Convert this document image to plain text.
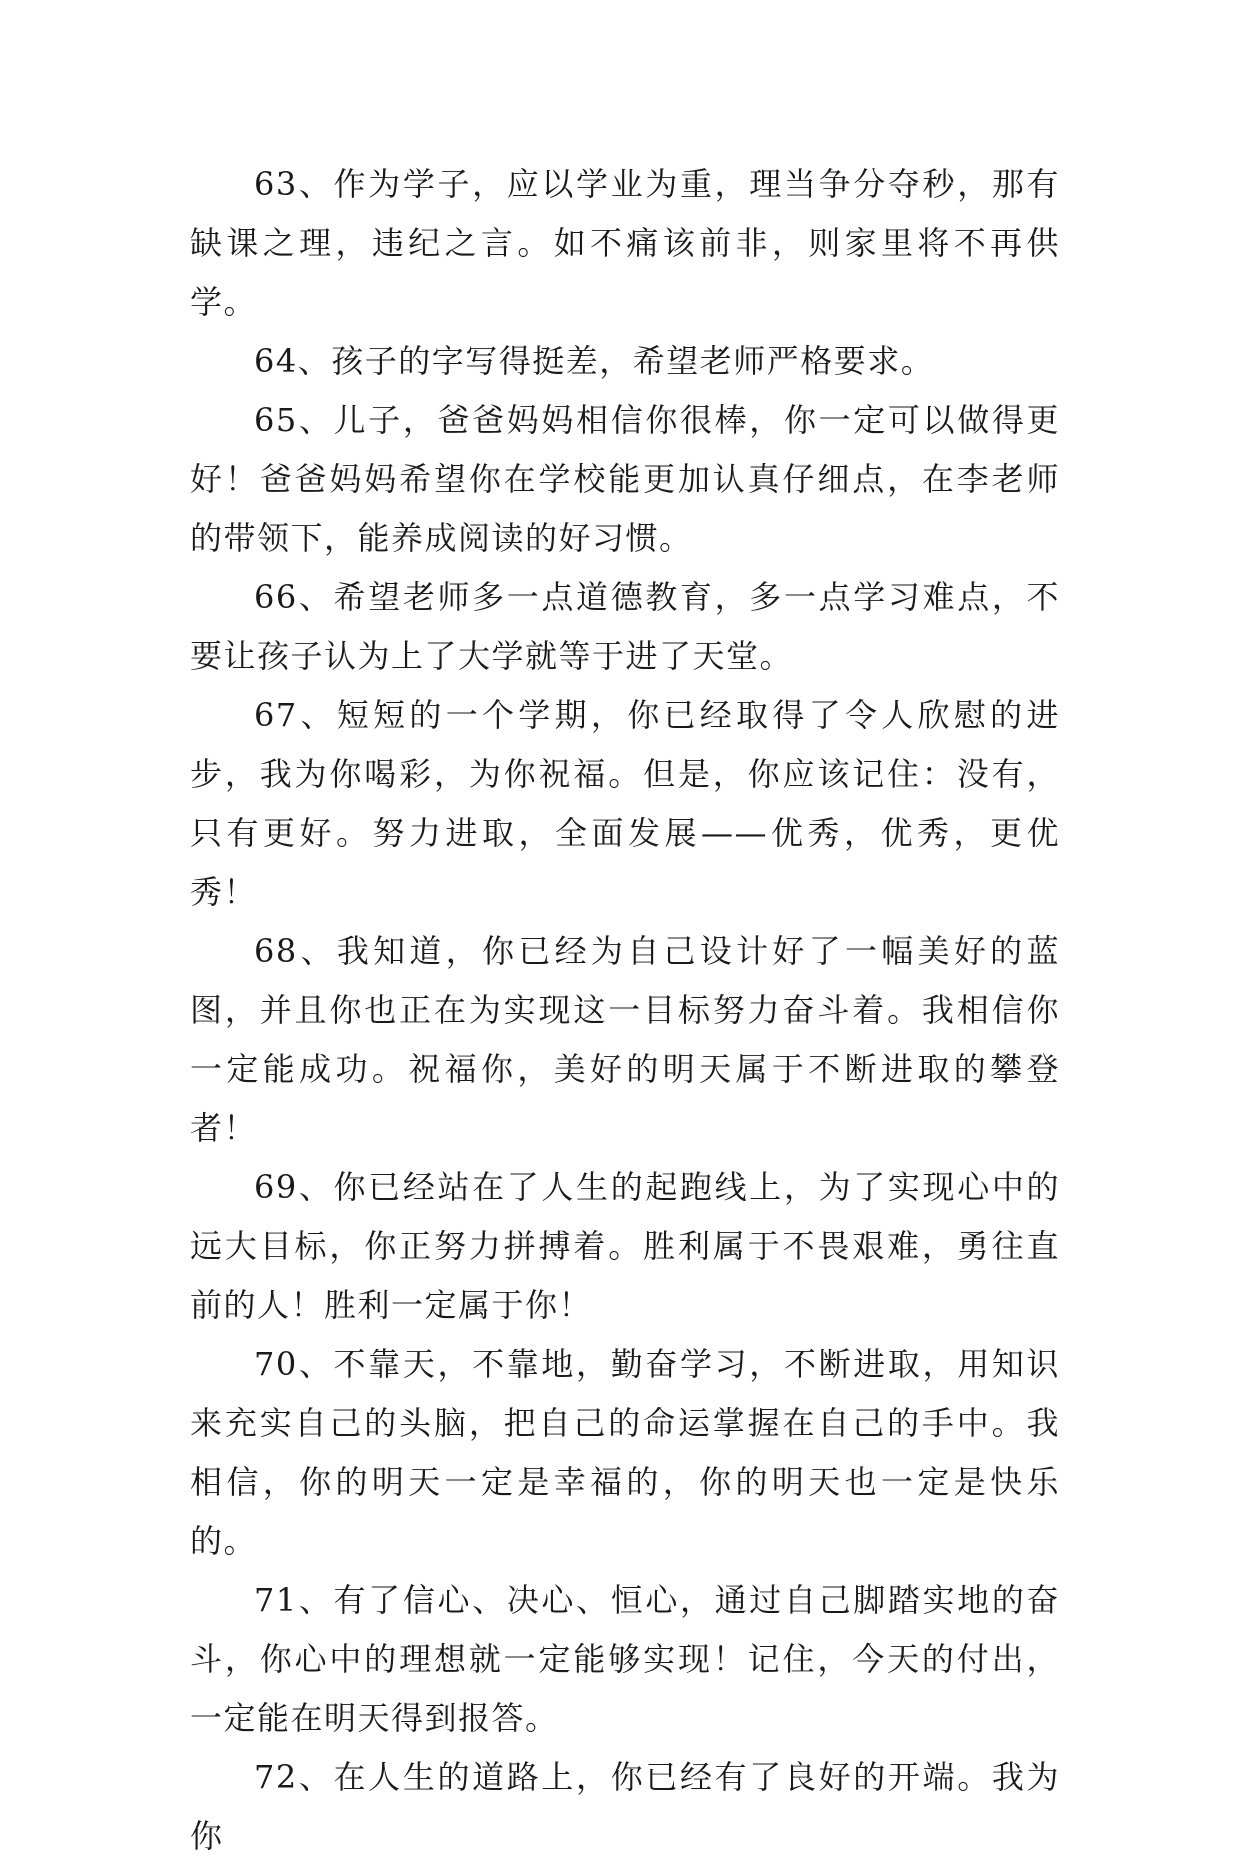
63、作为学子，应以学业为重，理当争分夺秒，那有缺课之理，违纪之言。如不痛该前非，则家里将不再供学。

64、孩子的字写得挺差，希望老师严格要求。

65、儿子，爸爸妈妈相信你很棒，你一定可以做得更好！爸爸妈妈希望你在学校能更加认真仔细点，在李老师的带领下，能养成阅读的好习惯。

66、希望老师多一点道德教育，多一点学习难点，不要让孩子认为上了大学就等于进了天堂。

67、短短的一个学期，你已经取得了令人欣慰的进步，我为你喝彩，为你祝福。但是，你应该记住：没有，只有更好。努力进取，全面发展——优秀，优秀，更优秀！

68、我知道，你已经为自己设计好了一幅美好的蓝图，并且你也正在为实现这一目标努力奋斗着。我相信你一定能成功。祝福你，美好的明天属于不断进取的攀登者！

69、你已经站在了人生的起跑线上，为了实现心中的远大目标，你正努力拼搏着。胜利属于不畏艰难，勇往直前的人！胜利一定属于你！

70、不靠天，不靠地，勤奋学习，不断进取，用知识来充实自己的头脑，把自己的命运掌握在自己的手中。我相信，你的明天一定是幸福的，你的明天也一定是快乐的。

71、有了信心、决心、恒心，通过自己脚踏实地的奋斗，你心中的理想就一定能够实现！记住，今天的付出，一定能在明天得到报答。

72、在人生的道路上，你已经有了良好的开端。我为你
